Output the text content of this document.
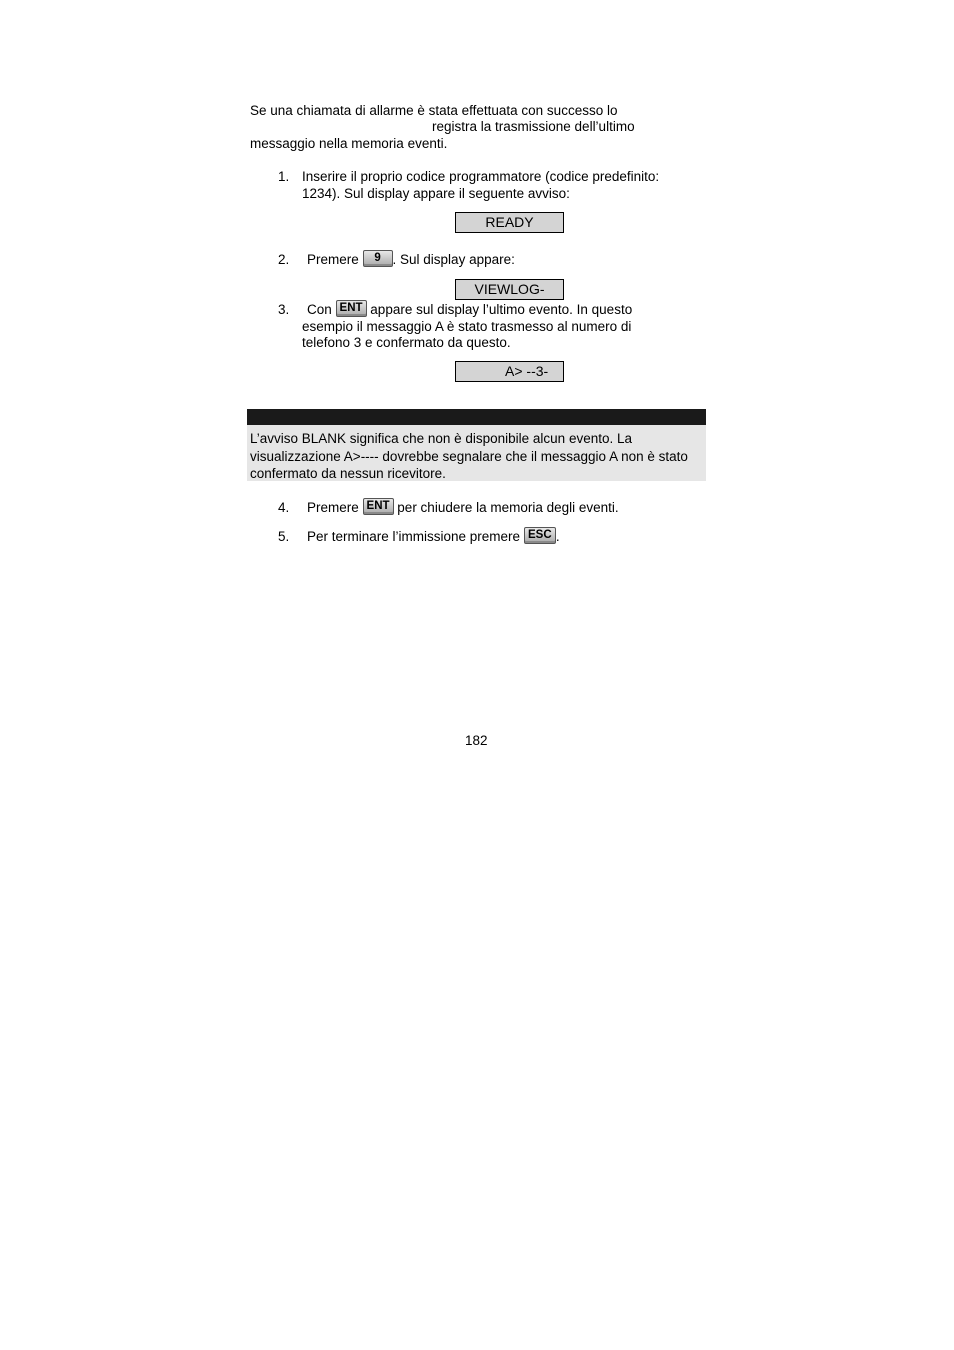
Se una chiamata di allarme è stata effettuata con successo lo
registra la trasmissione dell’ultimo
messaggio nella memoria eventi.
1. Inserire il proprio codice programmatore (codice predefinito:
1234). Sul display appare il seguente avviso:
READY
2. Premere 9 . Sul display appare:
VIEWLOG-
3. Con ENT appare sul display l’ultimo evento. In questo
esempio il messaggio A è stato trasmesso al numero di
telefono 3 e confermato da questo.
A> --3-
L’avviso BLANK significa che non è disponibile alcun evento. La visualizzazione A>---- dovrebbe segnalare che il messaggio A non è stato confermato da nessun ricevitore.
4. Premere ENT per chiudere la memoria degli eventi.
5. Per terminare l’immissione premere ESC .
182
